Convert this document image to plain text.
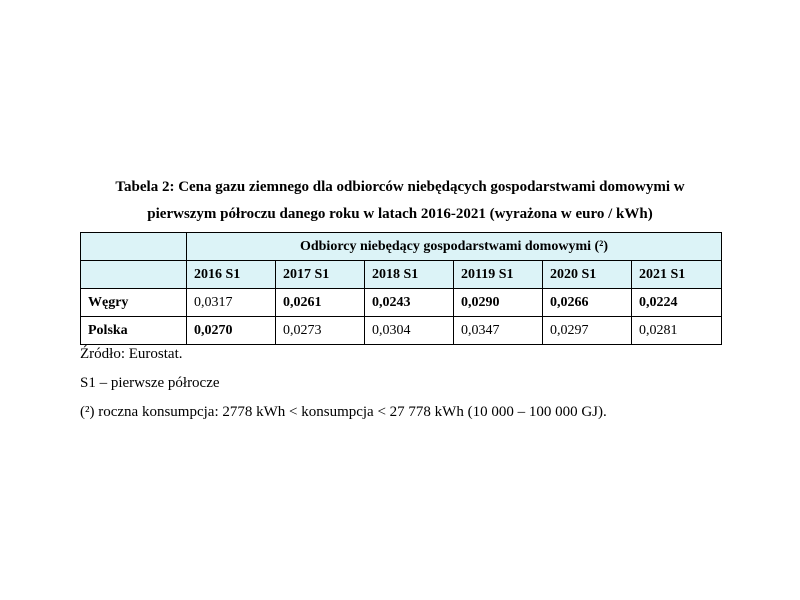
Tabela 2: Cena gazu ziemnego dla odbiorców niebędących gospodarstwami domowymi w
pierwszym półroczu danego roku w latach 2016-2021 (wyrażona w euro / kWh)
	Odbiorcy niebędący gospodarstwami domowymi (²)					
	2016 S1	2017 S1	2018 S1	20119 S1	2020 S1	2021 S1
Węgry	0,0317	0,0261	0,0243	0,0290	0,0266	0,0224
Polska	0,0270	0,0273	0,0304	0,0347	0,0297	0,0281
Źródło: Eurostat.
S1 – pierwsze półrocze
(²) roczna konsumpcja: 2778 kWh < konsumpcja < 27 778 kWh (10 000 – 100 000 GJ).
